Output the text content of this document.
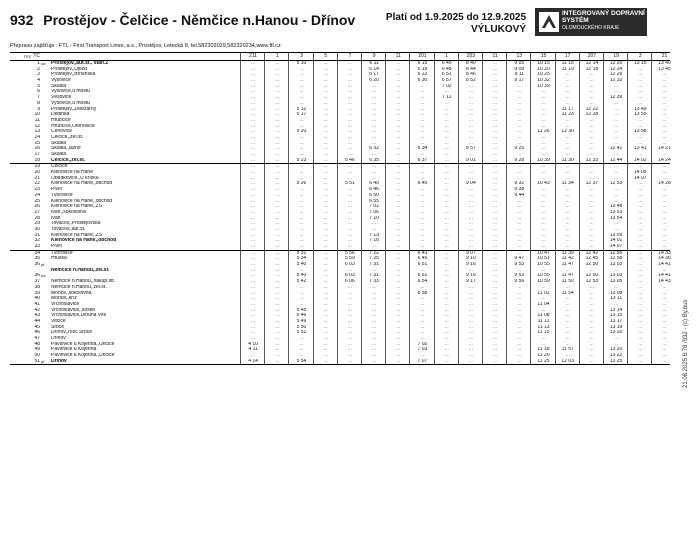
932 Prostějov - Čelčice - Němčice n.Hanou - Dřínov	Platí od 1.9.2025 do 12.9.2025
VÝLUKOVÝ
INTEGROVANÝ DOPRAVNÍ SYSTÉM
OLOMOUCKÉHO KRAJE
Přepravu zajišťuje : FTL - First Transport Lines, a.s., Prostějov, Letecká 8, tel.582302029,582320234,www.ftl.cz
TPZ TČ	211	1	3	5	7	9	11	201	1	203	11	13	15	17	207	19	3	21
1 od	Prostějov,,aut.st., stan.2	...	...	5 10	...	...	6 11	...	6 15	6 45	8 40	...	9 05	10 15	11 15	12 14	12 20	13 15	13 40
2 Prostějov,,Újezd	...	...	...	...	...	6 14	...	6 19	6 48	8 44	...	9 09	10 20	11 19	12 18	12 24	...	13 45
3 Prostějov,,Brněnská	...	...	...	...	...	6 17	...	6 22	6 51	8 46	...	9 11	10 25	...	...	12 26	...	...
4 Vyšovice	...	...	...	...	...	6 20	...	6 30	6 57	8 52	...	9 17	10 32	...	...	12 32	...	...
5 Skalka	...	...	...	...	...	...	...	...	7 02	...	...	...	10 39	...	...	...	...	...
6 Vyšovice,u mostu	...	...	...	...	...	...	...	...	...	...	...	...	...	...	...	...	...	...
7 Věšovice	...	...	...	...	...	...	...	...	7 11	...	...	...	...	...	...	12 39	...	...
8 Vyšovice,u mostu	...	...	...	...	...	...	...	...	...	...	...	...	...	...	...	...	...	...
9 Prostějov,,Železárny	...	...	5 12	...	...	...	...	...	...	...	...	...	...	11 17	12 22	...	13 49	...
10 Dědinka	...	...	5 17	...	...	...	...	...	...	...	...	...	...	11 23	12 28	...	13 55	...
11 Hrubčice	...	...	...	...	...	...	...	...	...	...	...	...	...	...	...	...	...	...
12 Hrubčice,Otonovice	...	...	...	...	...	...	...	...	...	...	...	...	...	...	...	...	...	...
13 Čehovice	...	...	5 20	...	...	...	...	...	...	...	...	...	11 26	12 30	...	...	13 58	...
14 Čelčice,,žel.st.	...	...	...	...	...	...	...	...	...	...	...	...	...	...	...	...	...	...
15 Skalka	...	...	...	...	...	...	...	...	...	...	...	...	...	...	...	...	...	...
16 Skalka,,lázně	...	...	...	...	...	6 32	...	6 34	...	8 57	...	9 25	...	...	...	12 41	13 41	14 21
17 Skalka	...	...	...	...	...	...	...	...	...	...	...	...	...	...	...	...	...	...
18 Čelčice,,žel.st.	...	...	5 23	...	5 46	6 35	...	6 37	...	9 01	...	9 28	10 39	11 30	12 33	12 44	14 02	14 24
19 Čelčice	...	...	...	...	...	...	...	...	...	...	...	...	...	...	...	...	...	...
20 Klenovice na Hané	...	...	...	...	...	...	...	...	...	...	...	...	...	...	...	...	14 05	...
21 Obědkovice,,U křížku	...	...	...	...	...	...	...	...	...	...	...	...	...	...	...	...	14 07	...
22 Klenovice na Hané,,obchod	...	...	5 26	...	5 51	6 40	...	6 40	...	9 04	...	9 32	10 43	11 34	12 37	12 53	...	14 28
23 Pivín	...	...	...	...	...	6 46	...	...	...	...	...	9 38	...	...	...	...	...	...
24 Tvorovice	...	...	...	...	...	6 50	...	...	...	...	...	9 44	...	...	...	...	...	...
25 Klenovice na Hané,,obchod	...	...	...	...	...	6 55	...	...	...	...	...	...	...	...	...	...	...	...
26 Klenovice na Hané,,ZS	...	...	...	...	...	7 02	...	...	...	...	...	...	...	...	...	13 48	...	...
27 Ivaň,,sokolovna	...	...	...	...	...	7 06	...	...	...	...	...	...	...	...	...	13 53	...	...
28 Ivaň	...	...	...	...	...	7 10	...	...	...	...	...	...	...	...	...	13 54	...	...
29 Tovačov,,Prostějovská	...	...	...	...	...	...	...	...	...	...	...	...	...	...	...	...	...	...
30 Tovačov,,aut.st.	...	...	...	...	...	...	...	...	...	...	...	...	...	...	...	...	...	...
31 Klenovice na Hané,,ZS	...	...	...	...	...	7 13	...	...	...	...	...	...	...	...	...	13 59	...	...
32 Klenovice na Hané,,obchod	...	...	...	...	...	7 16	...	...	...	...	...	...	...	...	...	14 01	...	...
33 Pivín	...	...	...	...	...	...	...	...	...	...	...	...	...	...	...	14 07	...	...
34 Tvorovice	...	...	5 31	...	5 56	7 22	...	6 43	...	9 07	...	...	10 47	11 39	12 42	12 56	...	14 33
35 Hruška	...	...	5 34	...	5 59	7 25	...	6 45	...	9 10	...	9 47	10 51	11 42	12 45	12 58	...	14 36
36 př	...	...	5 40	...	6 03	7 31	...	6 51	...	9 16	...	9 53	10 55	11 47	12 50	13 03	...	14 41
Němčice n.Hanou,,žel.st.	...	...	...	...	...	...	...	...	...	...	...	...	...	...	...	...	...	...
36 od	...	...	5 40	...	6 03	7 31	...	6 51	...	9 16	...	9 53	10 55	11 47	12 50	13 03	...	14 41
37 Němčice n.Hanou,,nákup.stř.	...	...	5 42	...	6 06	7 33	...	6 54	...	9 17	...	9 56	10 59	11 50	12 53	13 05	...	14 43
38 Němčice n.Hanou,,žel.st.	...	...	...	...	...	...	...	...	...	...	...	...	...	...	...	...	...	...
39 Mořice,,sokolovna	...	...	...	...	...	...	...	6 58	...	...	...	...	11 02	11 54	...	13 08	...	...
40 Mořice,,kříž	...	...	...	...	...	...	...	...	...	...	...	...	...	...	...	13 11	...	...
41 Vrchoslavice	...	...	...	...	...	...	...	...	...	...	...	...	11 04	...	...	...	...	...
42 Vrchoslavice,,kostel	...	...	5 45	...	...	...	...	...	...	...	...	...	...	...	...	13 14	...	...
43 Vrchoslavice,Dlouhá Ves	...	...	5 46	...	...	...	...	...	...	...	...	...	11 08	...	...	13 15	...	...
44 Vitčice	...	...	5 49	...	...	...	...	...	...	...	...	...	11 11	...	...	13 17	...	...
45 Srbce	...	...	5 50	...	...	...	...	...	...	...	...	...	11 13	...	...	13 19	...	...
46 Dřínov,,rozc.Srbce	...	...	5 51	...	...	...	...	...	...	...	...	...	11 15	...	...	13 20	...	...
47 Dřínov	...	...	...	...	...	...	...	...	...	...	...	...	...	...	...	...	...	...
48 Pavlovice u Kojetína,,Unčice	4 10	...	...	...	...	...	...	7 02	...	...	...	...	...	...	...	...	...	...
49 Pavlovice u Kojetína	4 11	...	...	...	...	...	...	7 03	...	...	...	...	11 18	11 57	...	13 20	...	...
50 Pavlovice u Kojetína,,Unčice	...	...	...	...	...	...	...	...	...	...	...	...	11 20	...	...	13 22	...	...
51 př	Dřínov	4 14	...	5 54	...	...	...	...	7 07	...	...	...	...	11 25	12 03	...	13 25	...	...	21.08.2025 6:78 /932 - (c) By.bus
